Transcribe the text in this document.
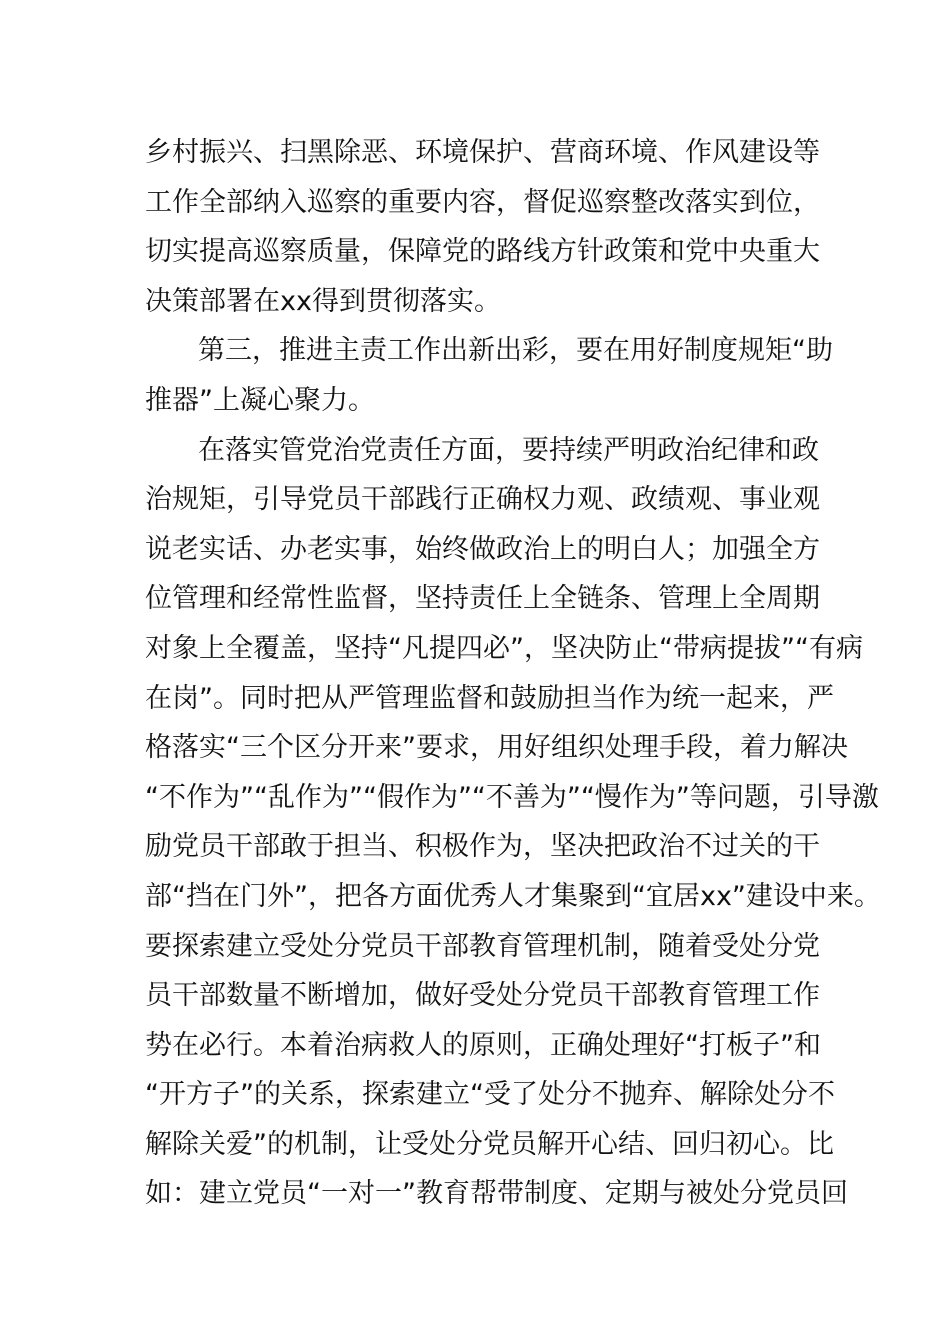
乡村振兴、扫黑除恶、环境保护、营商环境、作风建设等
工作全部纳入巡察的重要内容，督促巡察整改落实到位，
切实提高巡察质量，保障党的路线方针政策和党中央重大
决策部署在xx得到贯彻落实。
第三，推进主责工作出新出彩，要在用好制度规矩“助
推器”上凝心聚力。
在落实管党治党责任方面，要持续严明政治纪律和政
治规矩，引导党员干部践行正确权力观、政绩观、事业观
说老实话、办老实事，始终做政治上的明白人；加强全方
位管理和经常性监督，坚持责任上全链条、管理上全周期
对象上全覆盖，坚持“凡提四必”，坚决防止“带病提拔”“有病
在岗”。同时把从严管理监督和鼓励担当作为统一起来，严
格落实“三个区分开来”要求，用好组织处理手段，着力解决
“不作为”“乱作为”“假作为”“不善为”“慢作为”等问题，引导激
励党员干部敢于担当、积极作为，坚决把政治不过关的干
部“挡在门外”，把各方面优秀人才集聚到“宜居xx”建设中来。
要探索建立受处分党员干部教育管理机制，随着受处分党
员干部数量不断增加，做好受处分党员干部教育管理工作
势在必行。本着治病救人的原则，正确处理好“打板子”和
“开方子”的关系，探索建立“受了处分不抛弃、解除处分不
解除关爱”的机制，让受处分党员解开心结、回归初心。比
如：建立党员“一对一”教育帮带制度、定期与被处分党员回
